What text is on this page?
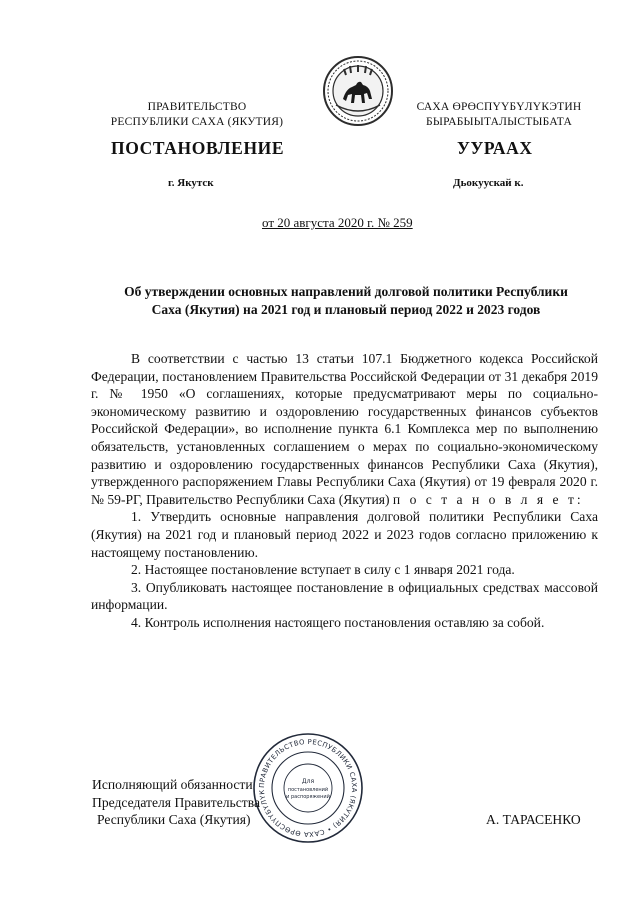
ПРАВИТЕЛЬСТВО
РЕСПУБЛИКИ САХА (ЯКУТИЯ)
САХА ӨРӨСПҮҮБҮЛҮКЭТИН
БЫРАБЫЫТАЛЫСТЫБАТА
ПОСТАНОВЛЕНИЕ	УУРААХ
г. Якутск	Дьокуускай к.
от 20 августа 2020 г. № 259
Об утверждении основных направлений долговой политики Республики
Саха (Якутия) на 2021 год и плановый период 2022 и 2023 годов

В соответствии с частью 13 статьи 107.1 Бюджетного кодекса Российской Федерации, постановлением Правительства Российской Федерации от 31 декабря 2019 г. № 1950 «О соглашениях, которые предусматривают меры по социально-экономическому развитию и оздоровлению государственных финансов субъектов Российской Федерации», во исполнение пункта 6.1 Комплекса мер по выполнению обязательств, установленных соглашением о мерах по социально-экономическому развитию и оздоровлению государственных финансов Республики Саха (Якутия), утвержденного распоряжением Главы Республики Саха (Якутия) от 19 февраля 2020 г. № 59-РГ, Правительство Республики Саха (Якутия) п о с т а н о в л я е т:

1. Утвердить основные направления долговой политики Республики Саха (Якутия) на 2021 год и плановый период 2022 и 2023 годов согласно приложению к настоящему постановлению.

2. Настоящее постановление вступает в силу с 1 января 2021 года.

3. Опубликовать настоящее постановление в официальных средствах массовой информации.

4. Контроль исполнения настоящего постановления оставляю за собой.

ПРАВИТЕЛЬСТВО РЕСПУБЛИКИ САХА (ЯКУТИЯ) • САХА ӨРӨСПҮҮБҮЛҮК
Для
постановлений
и распоряжений
Исполняющий обязанности
Председателя Правительства
Республики Саха (Якутия)	А. ТАРАСЕНКО
